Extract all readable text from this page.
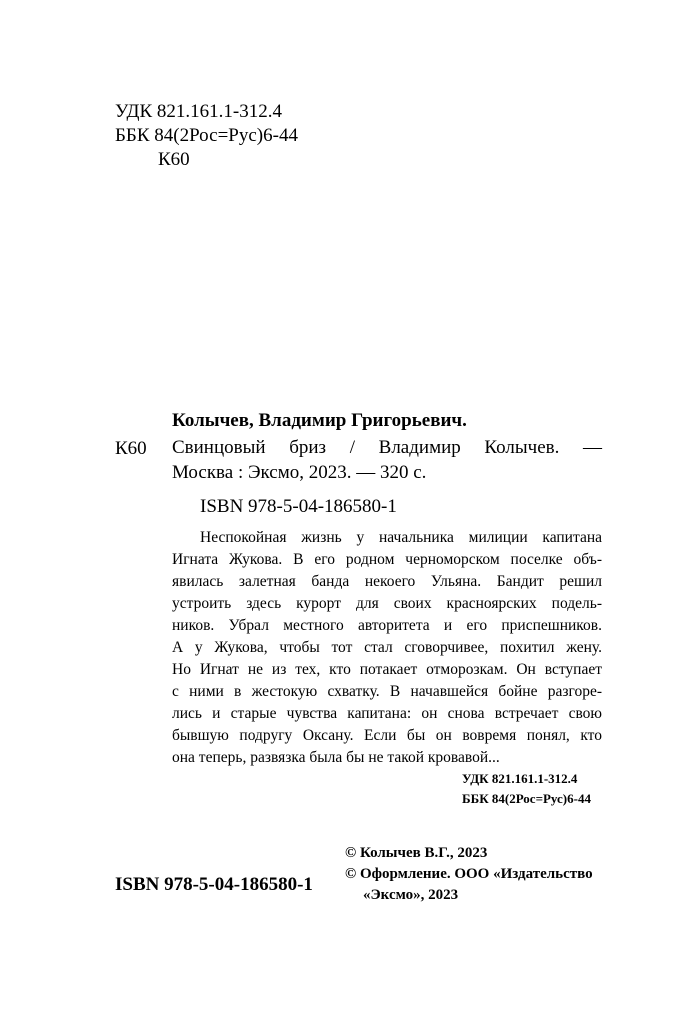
УДК 821.161.1-312.4
ББК 84(2Рос=Рус)6-44
К60
Колычев, Владимир Григорьевич.
К60 Свинцовый бриз / Владимир Колычев. —
Москва : Эксмо, 2023. — 320 с.
ISBN 978-5-04-186580-1
Неспокойная жизнь у начальника милиции капитана
Игната Жукова. В его родном черноморском поселке объ-
явилась залетная банда некоего Ульяна. Бандит решил
устроить здесь курорт для своих красноярских подель-
ников. Убрал местного авторитета и его приспешников.
А у Жукова, чтобы тот стал сговорчивее, похитил жену.
Но Игнат не из тех, кто потакает отморозкам. Он вступает
с ними в жестокую схватку. В начавшейся бойне разгоре-
лись и старые чувства капитана: он снова встречает свою
бывшую подругу Оксану. Если бы он вовремя понял, кто
она теперь, развязка была бы не такой кровавой...
УДК 821.161.1-312.4
ББК 84(2Рос=Рус)6-44
© Колычев В.Г., 2023
© Оформление. ООО «Издательство
«Эксмо», 2023
ISBN 978-5-04-186580-1
